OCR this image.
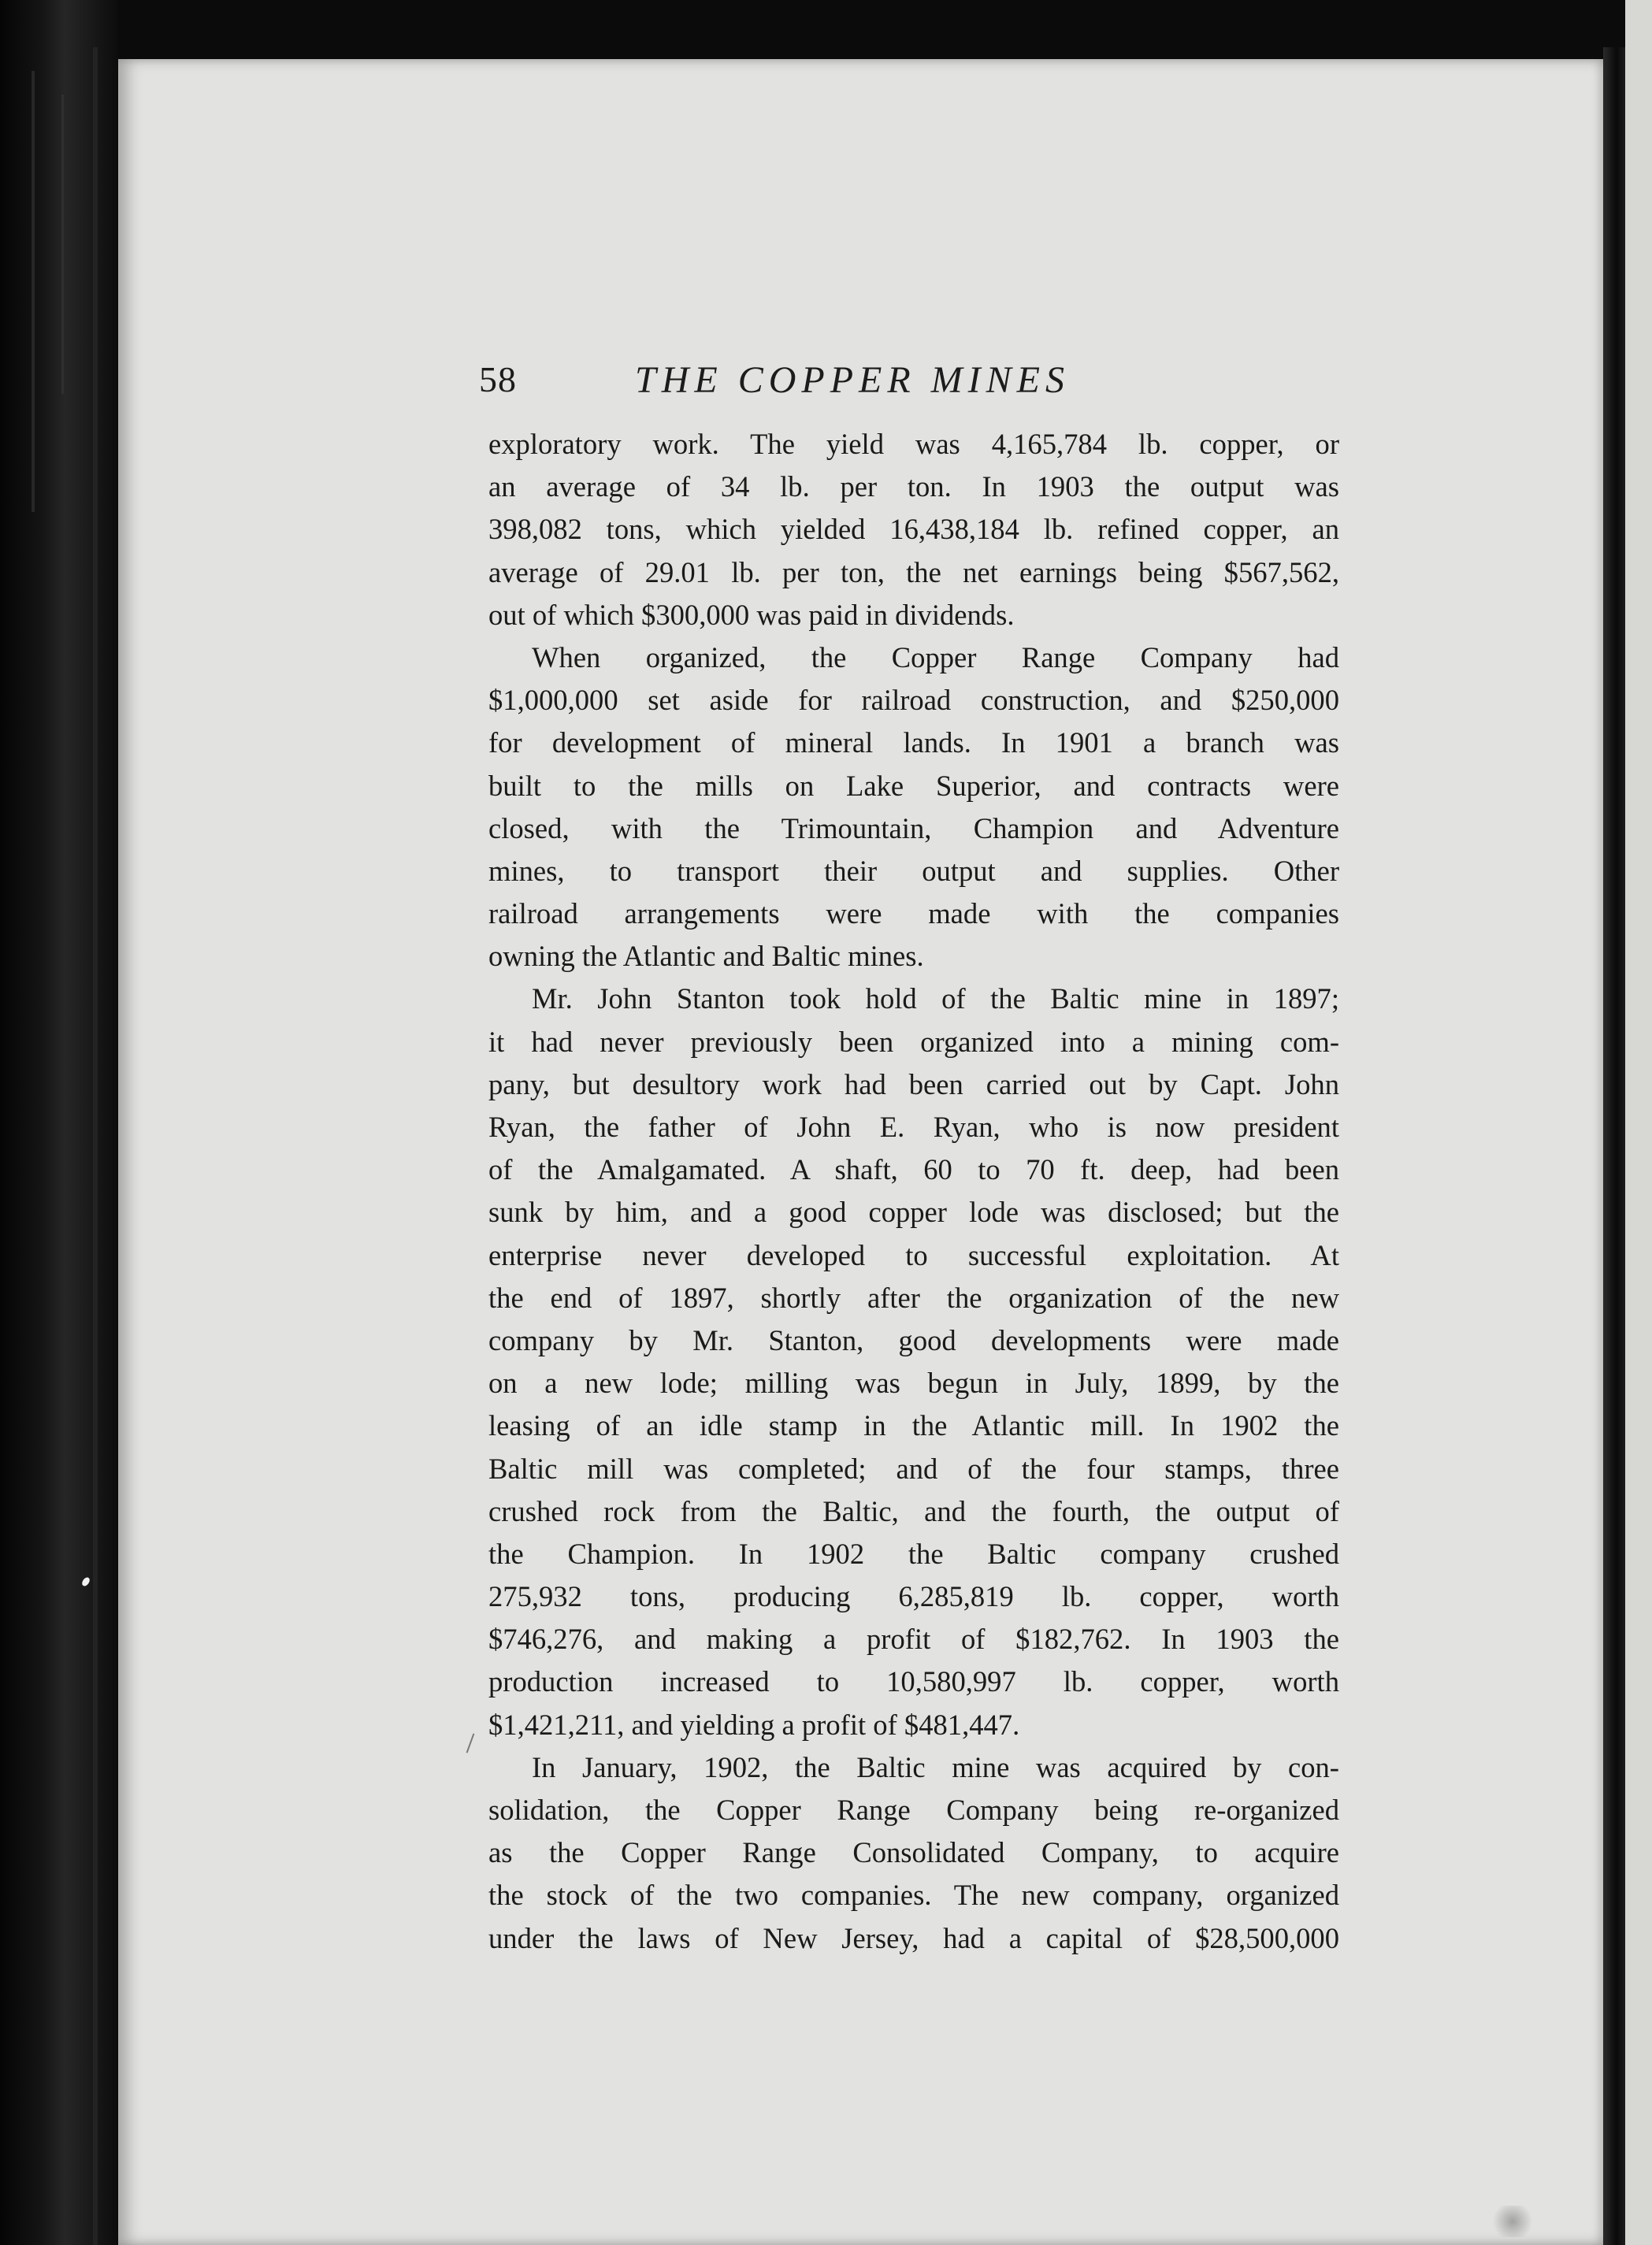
58	THE COPPER MINES
exploratory work. The yield was 4,165,784 lb. copper, or
an average of 34 lb. per ton. In 1903 the output was
398,082 tons, which yielded 16,438,184 lb. refined copper, an
average of 29.01 lb. per ton, the net earnings being $567,562,
out of which $300,000 was paid in dividends.
When organized, the Copper Range Company had
$1,000,000 set aside for railroad construction, and $250,000
for development of mineral lands. In 1901 a branch was
built to the mills on Lake Superior, and contracts were
closed, with the Trimountain, Champion and Adventure
mines, to transport their output and supplies. Other
railroad arrangements were made with the companies
owning the Atlantic and Baltic mines.
Mr. John Stanton took hold of the Baltic mine in 1897;
it had never previously been organized into a mining com-
pany, but desultory work had been carried out by Capt. John
Ryan, the father of John E. Ryan, who is now president
of the Amalgamated. A shaft, 60 to 70 ft. deep, had been
sunk by him, and a good copper lode was disclosed; but the
enterprise never developed to successful exploitation. At
the end of 1897, shortly after the organization of the new
company by Mr. Stanton, good developments were made
on a new lode; milling was begun in July, 1899, by the
leasing of an idle stamp in the Atlantic mill. In 1902 the
Baltic mill was completed; and of the four stamps, three
crushed rock from the Baltic, and the fourth, the output of
the Champion. In 1902 the Baltic company crushed
275,932 tons, producing 6,285,819 lb. copper, worth
$746,276, and making a profit of $182,762. In 1903 the
production increased to 10,580,997 lb. copper, worth
$1,421,211, and yielding a profit of $481,447.
In January, 1902, the Baltic mine was acquired by con-
solidation, the Copper Range Company being re-organized
as the Copper Range Consolidated Company, to acquire
the stock of the two companies. The new company, organized
under the laws of New Jersey, had a capital of $28,500,000
